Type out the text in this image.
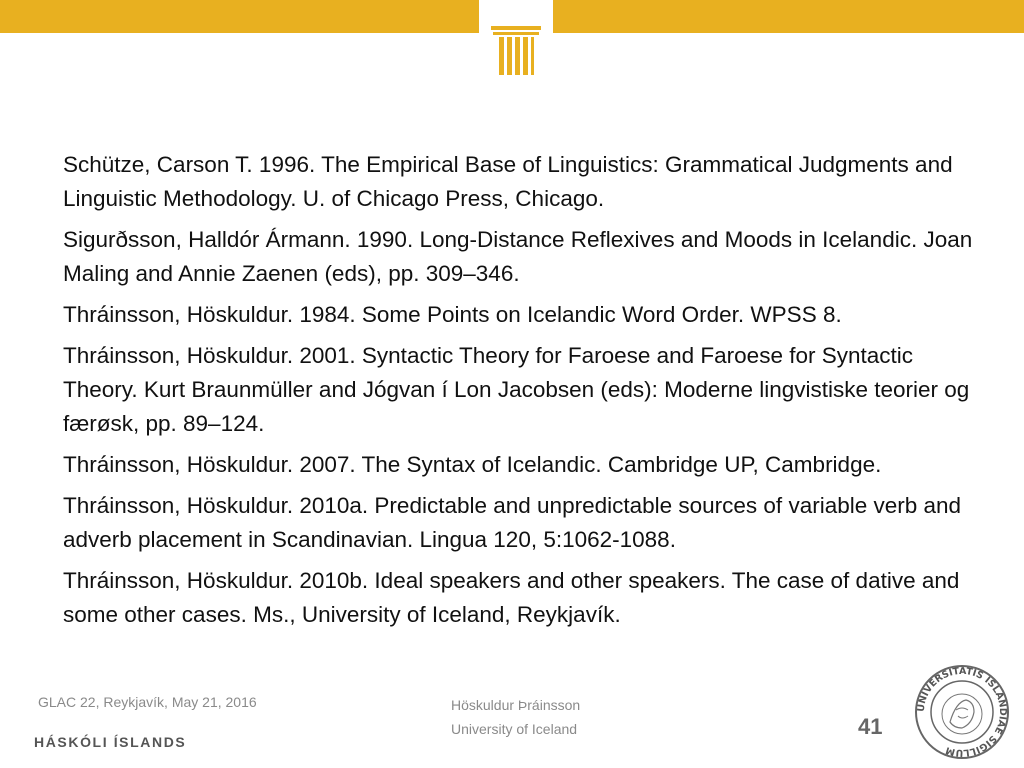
Schütze, Carson T. 1996. The Empirical Base of Linguistics: Grammatical Judgments and Linguistic Methodology. U. of Chicago Press, Chicago.

Sigurðsson, Halldór Ármann. 1990. Long-Distance Reflexives and Moods in Icelandic. Joan Maling and Annie Zaenen (eds), pp. 309–346.

Thráinsson, Höskuldur. 1984. Some Points on Icelandic Word Order. WPSS 8.

Thráinsson, Höskuldur. 2001. Syntactic Theory for Faroese and Faroese for Syntactic Theory. Kurt Braunmüller and Jógvan í Lon Jacobsen (eds): Moderne lingvistiske teorier og færøsk, pp. 89–124.

Thráinsson, Höskuldur. 2007. The Syntax of Icelandic. Cambridge UP, Cambridge.

Thráinsson, Höskuldur. 2010a. Predictable and unpredictable sources of variable verb and adverb placement in Scandinavian. Lingua 120, 5:1062-1088.

Thráinsson, Höskuldur. 2010b. Ideal speakers and other speakers. The case of dative and some other cases. Ms., University of Iceland, Reykjavík.

GLAC 22, Reykjavík, May 21, 2016	Höskuldur Þráinsson
University of Iceland	41
HÁSKÓLI ÍSLANDS
UNIVERSITATIS ISLANDIAE SIGILLUM
